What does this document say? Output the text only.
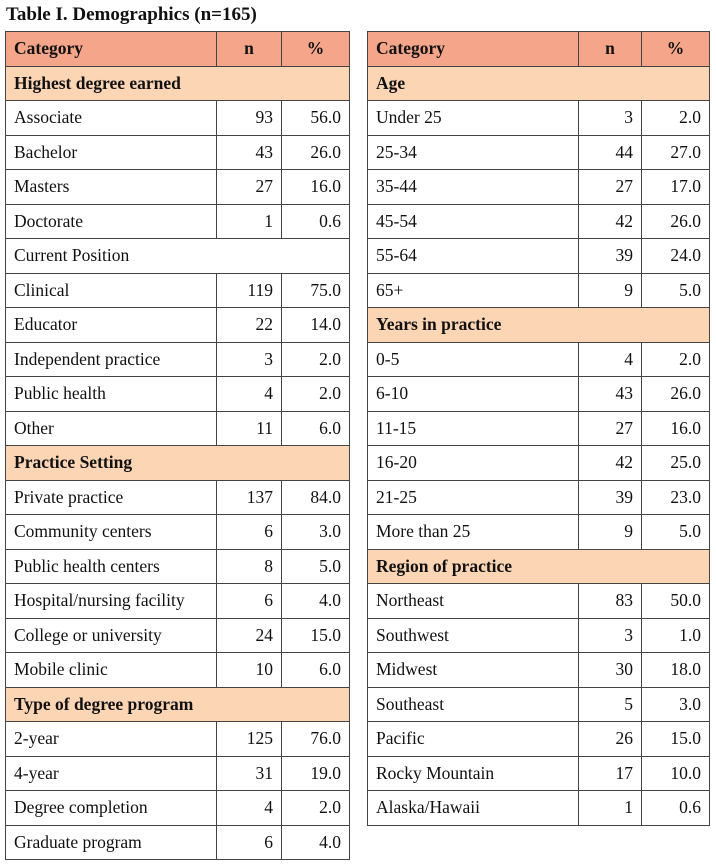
Table I. Demographics (n=165)
Category	n	%
Highest degree earned		
Associate	93	56.0
Bachelor	43	26.0
Masters	27	16.0
Doctorate	1	0.6
Current Position		
Clinical	119	75.0
Educator	22	14.0
Independent practice	3	2.0
Public health	4	2.0
Other	11	6.0
Practice Setting		
Private practice	137	84.0
Community centers	6	3.0
Public health centers	8	5.0
Hospital/nursing facility	6	4.0
College or university	24	15.0
Mobile clinic	10	6.0
Type of degree program		
2-year	125	76.0
4-year	31	19.0
Degree completion	4	2.0
Graduate program	6	4.0
Category	n	%
Age		
Under 25	3	2.0
25-34	44	27.0
35-44	27	17.0
45-54	42	26.0
55-64	39	24.0
65+	9	5.0
Years in practice		
0-5	4	2.0
6-10	43	26.0
11-15	27	16.0
16-20	42	25.0
21-25	39	23.0
More than 25	9	5.0
Region of practice		
Northeast	83	50.0
Southwest	3	1.0
Midwest	30	18.0
Southeast	5	3.0
Pacific	26	15.0
Rocky Mountain	17	10.0
Alaska/Hawaii	1	0.6
